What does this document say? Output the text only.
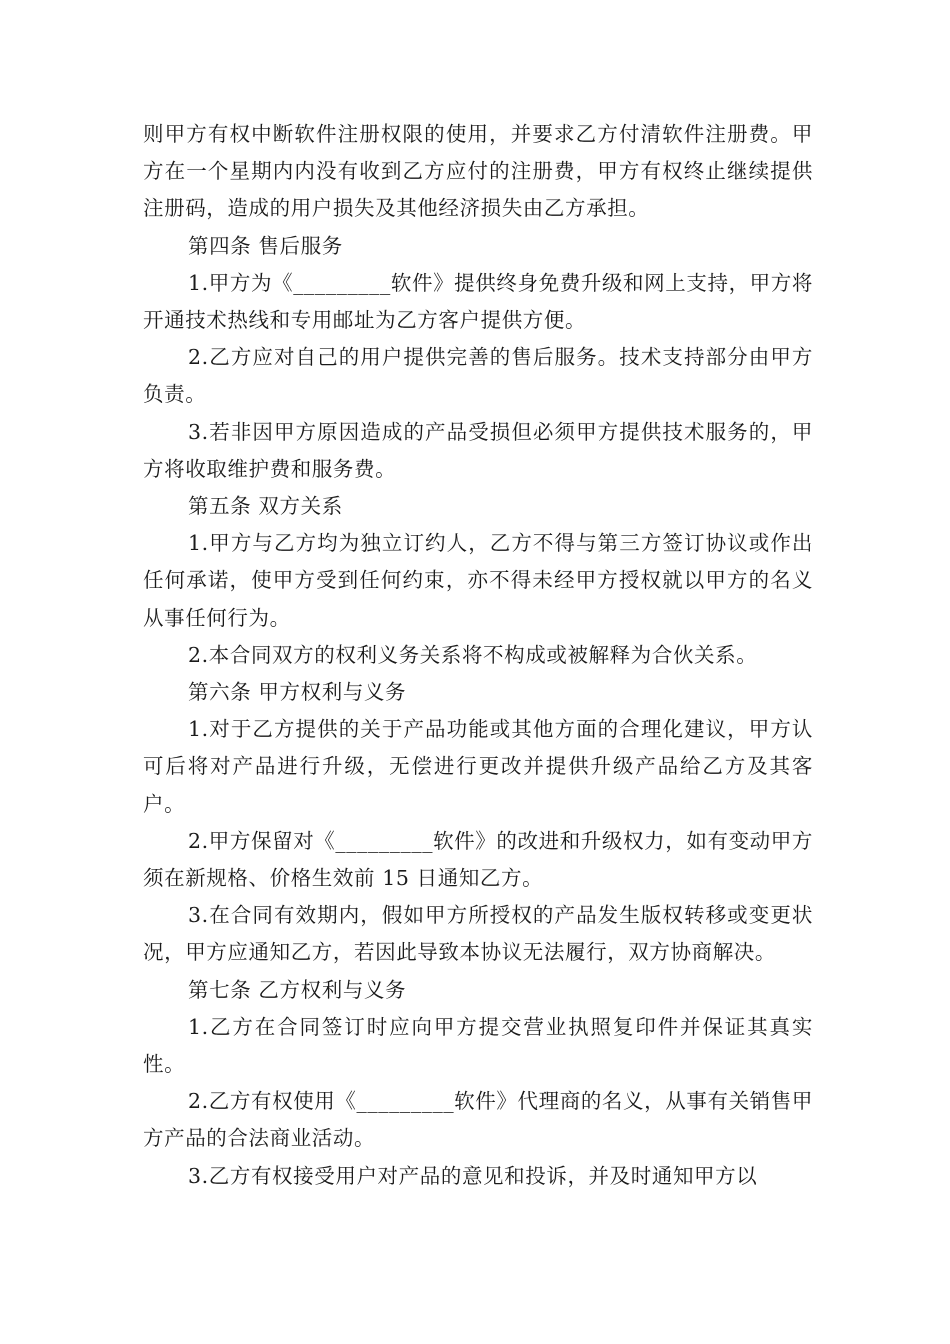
则甲方有权中断软件注册权限的使用，并要求乙方付清软件注册费。甲方在一个星期内内没有收到乙方应付的注册费，甲方有权终止继续提供注册码，造成的用户损失及其他经济损失由乙方承担。

第四条 售后服务

1.甲方为《_________软件》提供终身免费升级和网上支持，甲方将开通技术热线和专用邮址为乙方客户提供方便。

2.乙方应对自己的用户提供完善的售后服务。技术支持部分由甲方负责。

3.若非因甲方原因造成的产品受损但必须甲方提供技术服务的，甲方将收取维护费和服务费。

第五条 双方关系

1.甲方与乙方均为独立订约人，乙方不得与第三方签订协议或作出任何承诺，使甲方受到任何约束，亦不得未经甲方授权就以甲方的名义从事任何行为。

2.本合同双方的权利义务关系将不构成或被解释为合伙关系。

第六条 甲方权利与义务

1.对于乙方提供的关于产品功能或其他方面的合理化建议，甲方认可后将对产品进行升级，无偿进行更改并提供升级产品给乙方及其客户。

2.甲方保留对《_________软件》的改进和升级权力，如有变动甲方须在新规格、价格生效前 15 日通知乙方。

3.在合同有效期内，假如甲方所授权的产品发生版权转移或变更状况，甲方应通知乙方，若因此导致本协议无法履行，双方协商解决。

第七条 乙方权利与义务

1.乙方在合同签订时应向甲方提交营业执照复印件并保证其真实性。

2.乙方有权使用《_________软件》代理商的名义，从事有关销售甲方产品的合法商业活动。

3.乙方有权接受用户对产品的意见和投诉，并及时通知甲方以
